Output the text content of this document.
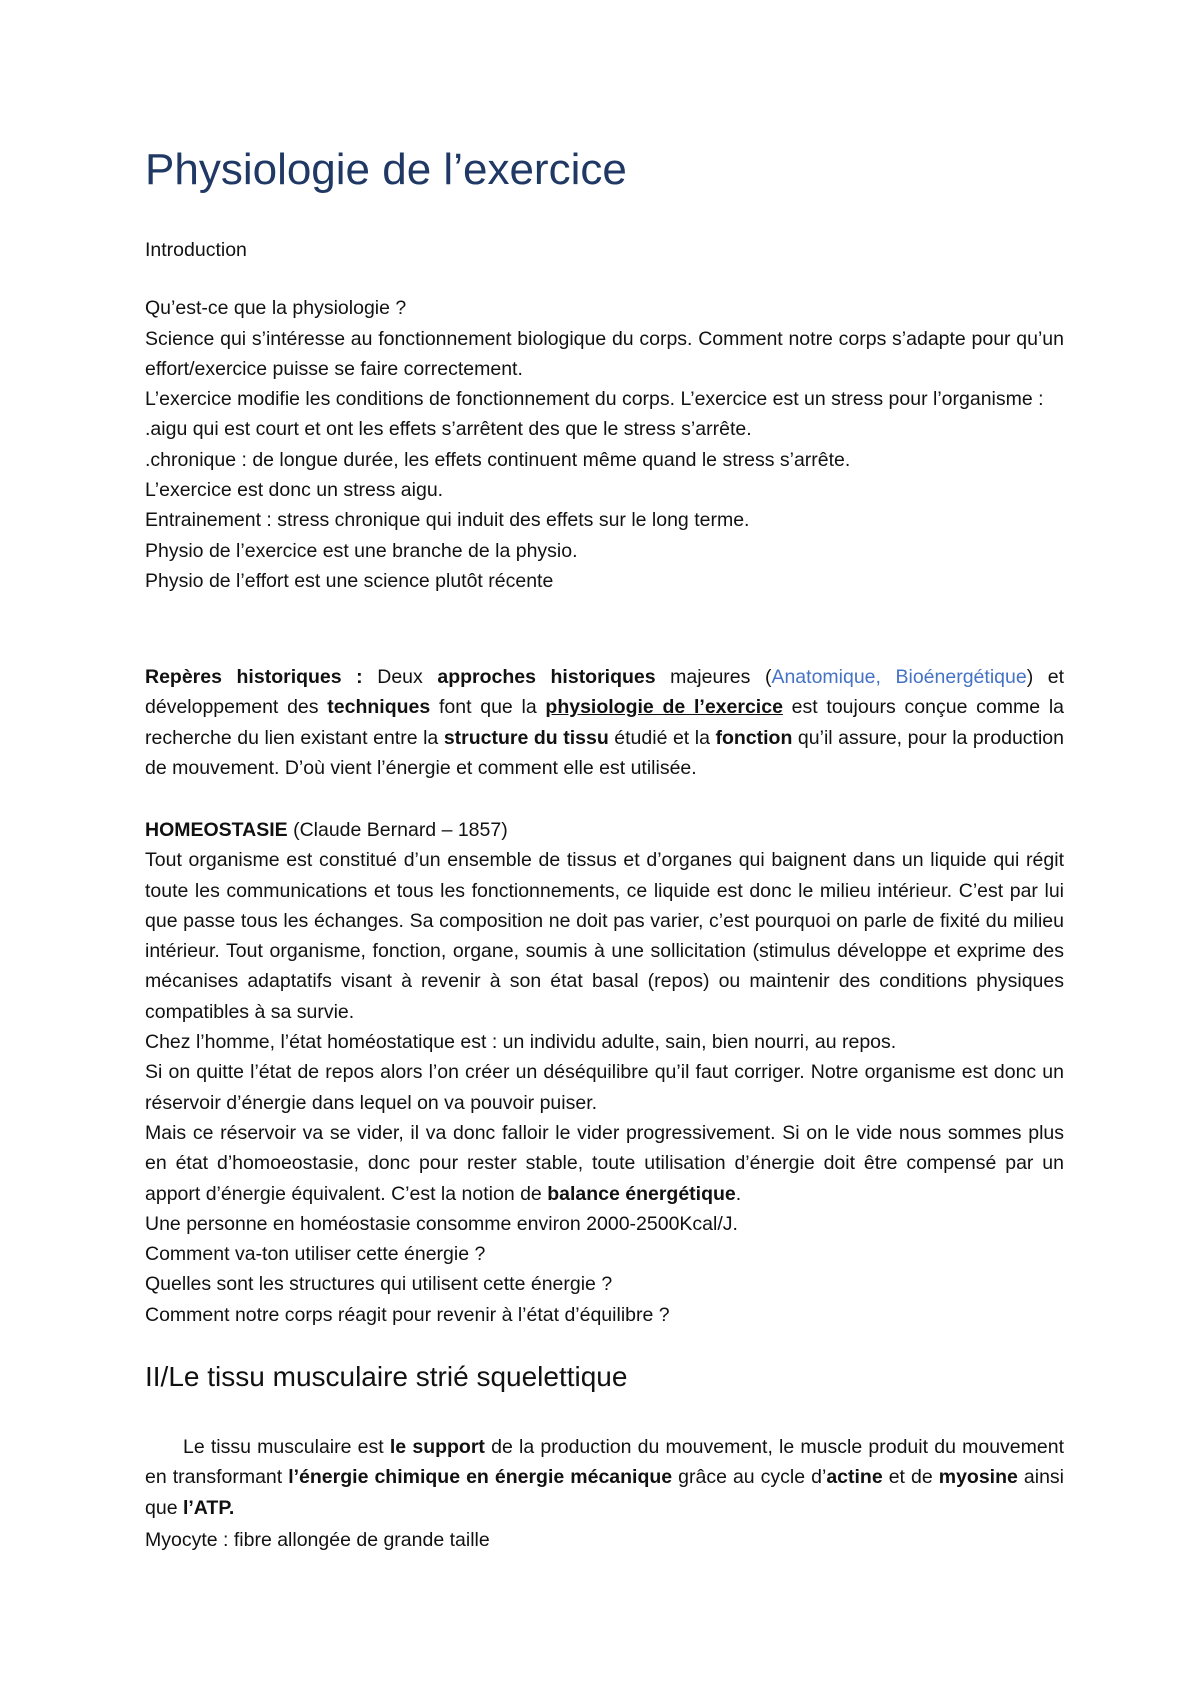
Physiologie de l’exercice

Introduction

Qu’est-ce que la physiologie ?

Science qui s’intéresse au fonctionnement biologique du corps. Comment notre corps s’adapte pour qu’un effort/exercice puisse se faire correctement.

L’exercice modifie les conditions de fonctionnement du corps. L’exercice est un stress pour l’organisme :

.aigu qui est court et ont les effets s’arrêtent des que le stress s’arrête.

.chronique : de longue durée, les effets continuent même quand le stress s’arrête.

L’exercice est donc un stress aigu.

Entrainement : stress chronique qui induit des effets sur le long terme.

Physio de l’exercice est une branche de la physio.

Physio de l’effort est une science plutôt récente

Repères historiques : Deux approches historiques majeures (Anatomique, Bioénergétique) et développement des techniques font que la physiologie de l’exercice est toujours conçue comme la recherche du lien existant entre la structure du tissu étudié et la fonction qu’il assure, pour la production de mouvement. D’où vient l’énergie et comment elle est utilisée.

HOMEOSTASIE (Claude Bernard – 1857)

Tout organisme est constitué d’un ensemble de tissus et d’organes qui baignent dans un liquide qui régit toute les communications et tous les fonctionnements, ce liquide est donc le milieu intérieur. C’est par lui que passe tous les échanges. Sa composition ne doit pas varier, c’est pourquoi on parle de fixité du milieu intérieur. Tout organisme, fonction, organe, soumis à une sollicitation (stimulus développe et exprime des mécanises adaptatifs visant à revenir à son état basal (repos) ou maintenir des conditions physiques compatibles à sa survie.

Chez l’homme, l’état homéostatique est : un individu adulte, sain, bien nourri, au repos.

Si on quitte l’état de repos alors l’on créer un déséquilibre qu’il faut corriger. Notre organisme est donc un réservoir d’énergie dans lequel on va pouvoir puiser.

Mais ce réservoir va se vider, il va donc falloir le vider progressivement. Si on le vide nous sommes plus en état d’homoeostasie, donc pour rester stable, toute utilisation d’énergie doit être compensé par un apport d’énergie équivalent. C’est la notion de balance énergétique.

Une personne en homéostasie consomme environ 2000-2500Kcal/J.

Comment va-ton utiliser cette énergie ?

Quelles sont les structures qui utilisent cette énergie ?

Comment notre corps réagit pour revenir à l’état d’équilibre ?

II/Le tissu musculaire strié squelettique

Le tissu musculaire est le support de la production du mouvement, le muscle produit du mouvement en transformant l’énergie chimique en énergie mécanique grâce au cycle d’actine et de myosine ainsi que l’ATP.

Myocyte : fibre allongée de grande taille
